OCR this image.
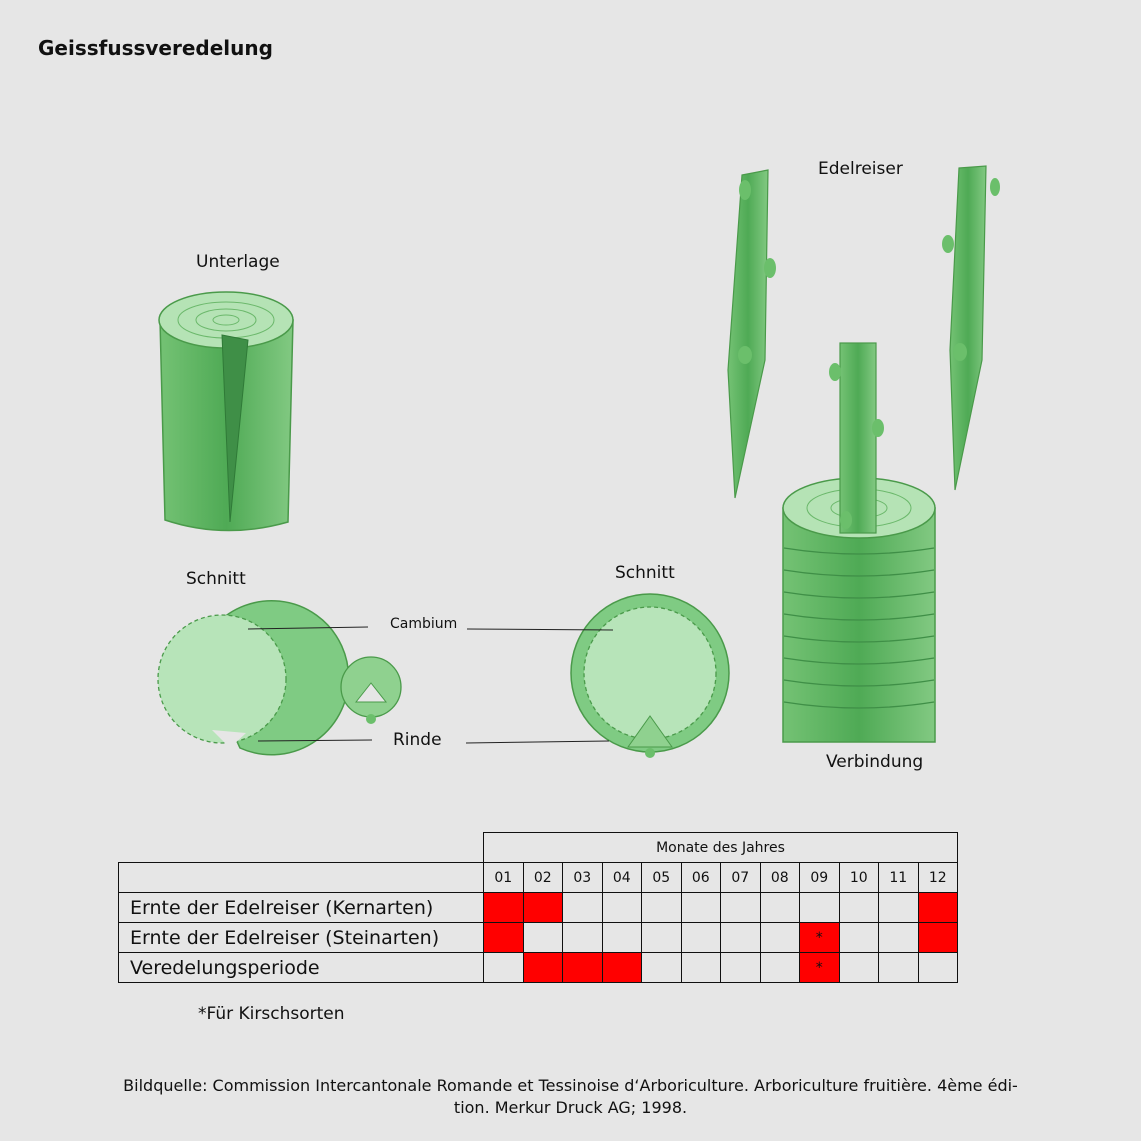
Geissfussveredelung
Unterlage
Edelreiser
Schnitt	Schnitt
Cambium
Rinde
Verbindung
	Monate des Jahres											
	01	02	03	04	05	06	07	08	09	10	11	12
Ernte der Edelreiser (Kernarten)												
Ernte der Edelreiser (Steinarten)									*			
Veredelungsperiode									*			
*Für Kirschsorten
Bildquelle: Commission Intercantonale Romande et Tessinoise d‘Arboriculture. Arboriculture fruitière. 4ème édi-
tion. Merkur Druck AG; 1998.
